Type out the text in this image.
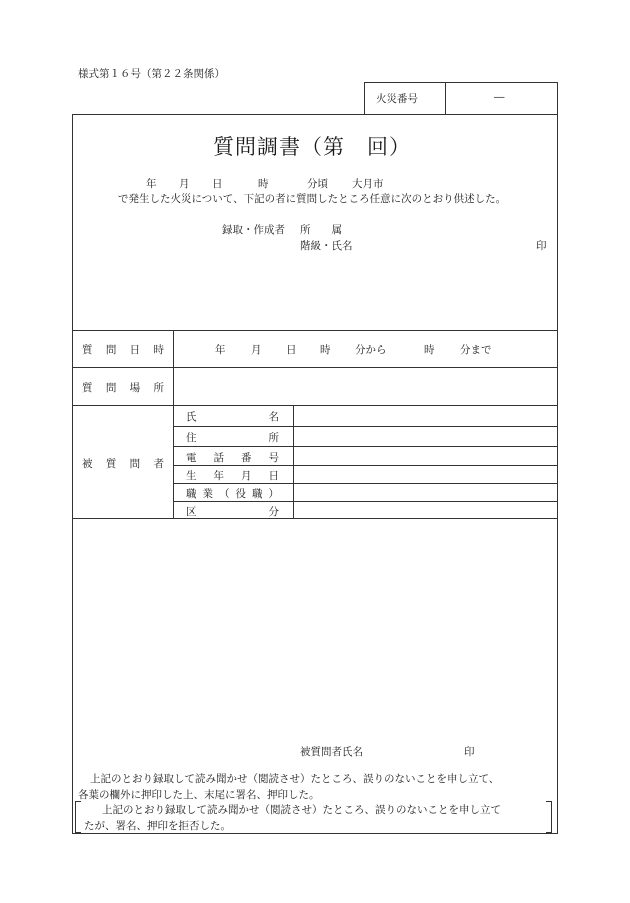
様式第１６号（第２２条関係）
火災番号	―
質問調書（第　回）
年 月 日	時	分頃 大月市
で発生した火災について、下記の者に質問したところ任意に次のとおり供述した。
録取・作成者 所　　属
階級・氏名	印
質問日時	年 月 日 時 分から	時 分まで
質問場所
被質問者
氏名
住所
電話番号
生年月日
職業（役職）
区分
被質問者氏名	印
上記のとおり録取して読み聞かせ（閲読させ）たところ、誤りのないことを申し立て、
各葉の欄外に押印した上、末尾に署名、押印した。
上記のとおり録取して読み聞かせ（閲読させ）たところ、誤りのないことを申し立て
たが、署名、押印を拒否した。
